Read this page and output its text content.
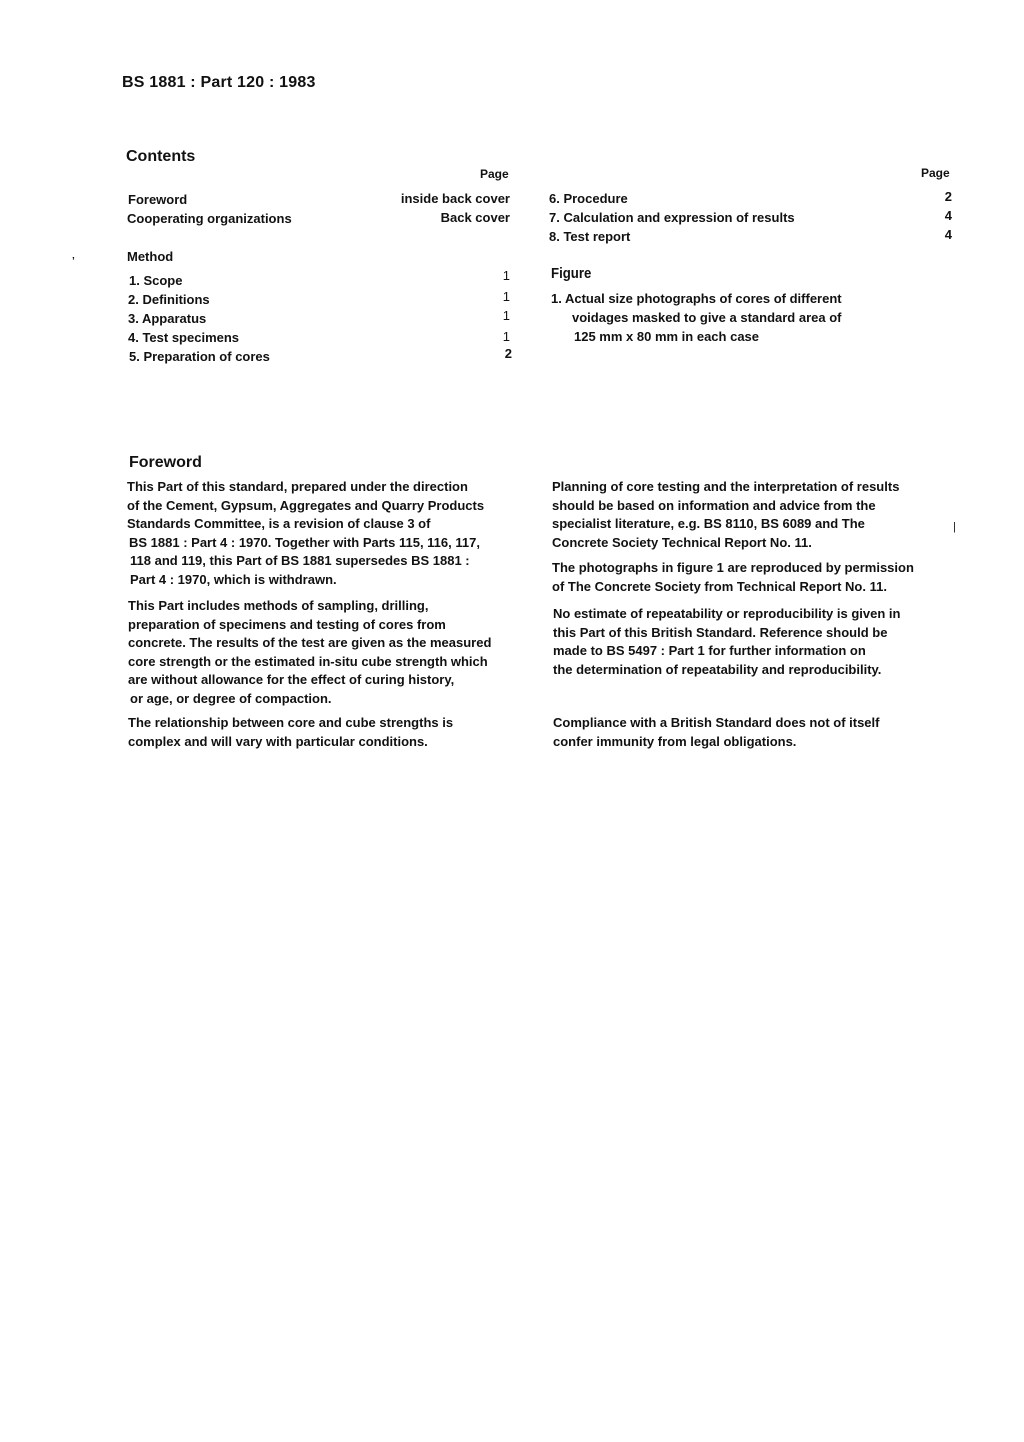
BS 1881 : Part 120 : 1983
Contents
Page	Page
Foreword	inside back cover
Cooperating organizations	Back cover
’	Method
1. Scope	1
2. Definitions	1
3. Apparatus	1
4. Test specimens	1
5. Preparation of cores	2
6. Procedure	2
7. Calculation and expression of results	4
8. Test report	4
Figure
1. Actual size photographs of cores of different
voidages masked to give a standard area of
125 mm x 80 mm in each case
Foreword
This Part of this standard, prepared under the direction
of the Cement, Gypsum, Aggregates and Quarry Products
Standards Committee, is a revision of clause 3 of
BS 1881 : Part 4 : 1970. Together with Parts 115, 116, 117,
118 and 119, this Part of BS 1881 supersedes BS 1881 :
Part 4 : 1970, which is withdrawn.
This Part includes methods of sampling, drilling,
preparation of specimens and testing of cores from
concrete. The results of the test are given as the measured
core strength or the estimated in-situ cube strength which
are without allowance for the effect of curing history,
or age, or degree of compaction.
The relationship between core and cube strengths is
complex and will vary with particular conditions.
Planning of core testing and the interpretation of results
should be based on information and advice from the
specialist literature, e.g. BS 8110, BS 6089 and The
Concrete Society Technical Report No. 11.
The photographs in figure 1 are reproduced by permission
of The Concrete Society from Technical Report No. 11.
No estimate of repeatability or reproducibility is given in
this Part of this British Standard. Reference should be
made to BS 5497 : Part 1 for further information on
the determination of repeatability and reproducibility.
Compliance with a British Standard does not of itself
confer immunity from legal obligations.
|
